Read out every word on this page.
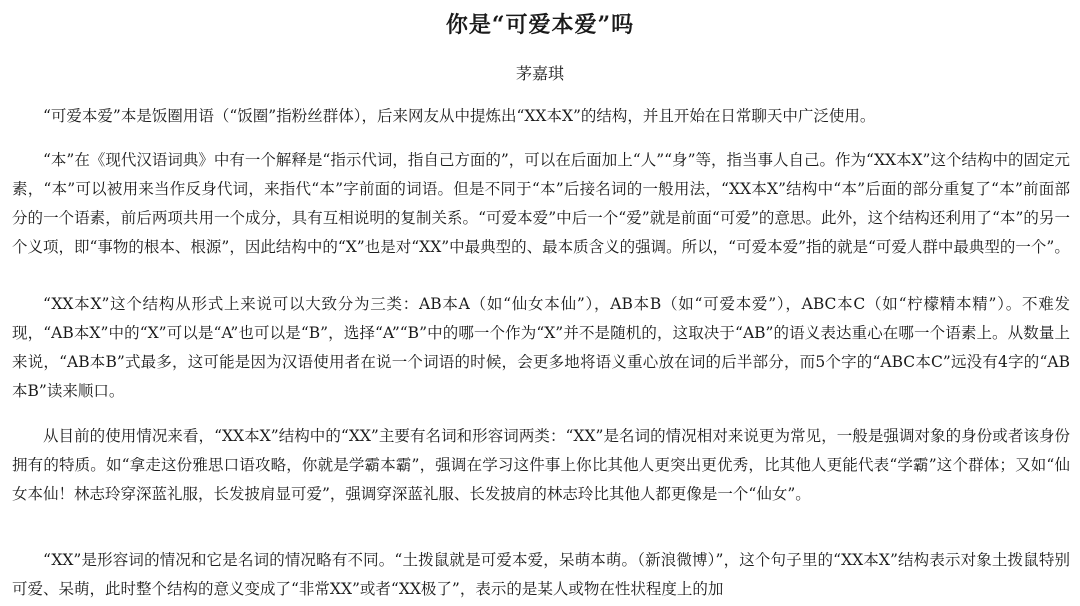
你是“可爱本爱”吗
茅嘉琪

“可爱本爱”本是饭圈用语（“饭圈”指粉丝群体），后来网友从中提炼出“XX本X”的结构，并且开始在日常聊天中广泛使用。

“本”在《现代汉语词典》中有一个解释是“指示代词，指自己方面的”，可以在后面加上“人”“身”等，指当事人自己。作为“XX本X”这个结构中的固定元素，“本”可以被用来当作反身代词，来指代“本”字前面的词语。但是不同于“本”后接名词的一般用法，“XX本X”结构中“本”后面的部分重复了“本”前面部分的一个语素，前后两项共用一个成分，具有互相说明的复制关系。“可爱本爱”中后一个“爱”就是前面“可爱”的意思。此外，这个结构还利用了“本”的另一个义项，即“事物的根本、根源”，因此结构中的“X”也是对“XX”中最典型的、最本质含义的强调。所以，“可爱本爱”指的就是“可爱人群中最典型的一个”。

“XX本X”这个结构从形式上来说可以大致分为三类：AB本A（如“仙女本仙”），AB本B（如“可爱本爱”），ABC本C（如“柠檬精本精”）。不难发现，“AB本X”中的“X”可以是“A”也可以是“B”，选择“A”“B”中的哪一个作为“X”并不是随机的，这取决于“AB”的语义表达重心在哪一个语素上。从数量上来说，“AB本B”式最多，这可能是因为汉语使用者在说一个词语的时候，会更多地将语义重心放在词的后半部分，而5个字的“ABC本C”远没有4字的“AB本B”读来顺口。

从目前的使用情况来看，“XX本X”结构中的“XX”主要有名词和形容词两类：“XX”是名词的情况相对来说更为常见，一般是强调对象的身份或者该身份拥有的特质。如“拿走这份雅思口语攻略，你就是学霸本霸”，强调在学习这件事上你比其他人更突出更优秀，比其他人更能代表“学霸”这个群体；又如“仙女本仙！林志玲穿深蓝礼服，长发披肩显可爱”，强调穿深蓝礼服、长发披肩的林志玲比其他人都更像是一个“仙女”。

“XX”是形容词的情况和它是名词的情况略有不同。“土拨鼠就是可爱本爱，呆萌本萌。（新浪微博）”，这个句子里的“XX本X”结构表示对象土拨鼠特别可爱、呆萌，此时整个结构的意义变成了“非常XX”或者“XX极了”，表示的是某人或物在性状程度上的加
